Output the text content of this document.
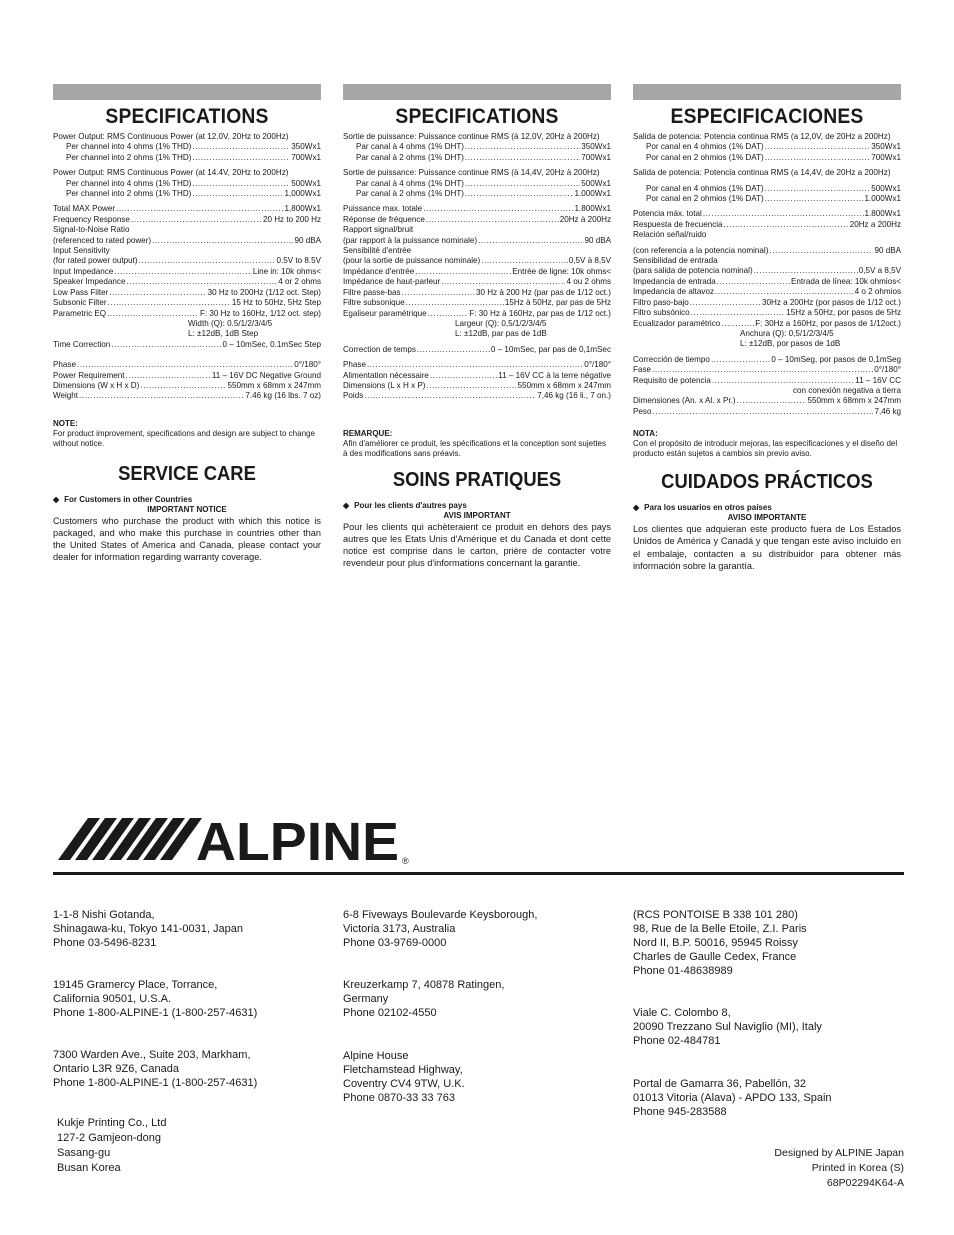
SPECIFICATIONS
Power Output: RMS Continuous Power (at 12.0V, 20Hz to 200Hz)
Per channel into 4 ohms (1% THD) .....	350Wx1
Per channel into 2 ohms (1% THD) .....	700Wx1
Power Output: RMS Continuous Power (at 14.4V, 20Hz to 200Hz)
Per channel into 4 ohms (1% THD) .....	500Wx1
Per channel into 2 ohms (1% THD) .....	1,000Wx1
Total MAX Power .....	1,800Wx1
Frequency Response .....	20 Hz to 200 Hz
Signal-to-Noise Ratio
(referenced to rated power) .....	90 dBA
Input Sensitivity
(for rated power output) .....	0.5V to 8.5V
Input Impedance .....	Line in: 10k ohms<
Speaker Impedance .....	4 or 2 ohms
Low Pass Filter .....	30 Hz to 200Hz (1/12 oct. Step)
Subsonic Filter .....	15 Hz to 50Hz, 5Hz Step
Parametric EQ .....	F: 30 Hz to 160Hz, 1/12 oct. step)
Width (Q): 0.5/1/2/3/4/5
L: ±12dB, 1dB Step
Time Correction .....	0 – 10mSec, 0.1mSec Step
Phase .....	0°/180°
Power Requirement .....	11 – 16V DC Negative Ground
Dimensions (W x H x D) .....	550mm x 68mm x 247mm
Weight .....	7.46 kg (16 lbs. 7 oz)
NOTE:
For product improvement, specifications and design are subject to change without notice.
SERVICE CARE
◆ For Customers in other Countries
IMPORTANT NOTICE
Customers who purchase the product with which this notice is packaged, and who make this purchase in countries other than the United States of America and Canada, please contact your dealer for information regarding warranty coverage.
SPECIFICATIONS
Sortie de puissance: Puissance continue RMS (à 12,0V, 20Hz à 200Hz)
Par canal à 4 ohms (1% DHT) .....	350Wx1
Par canal à 2 ohms (1% DHT) .....	700Wx1
Sortie de puissance: Puissance continue RMS (à 14,4V, 20Hz à 200Hz)
Par canal à 4 ohms (1% DHT) .....	500Wx1
Par canal à 2 ohms (1% DHT) .....	1.000Wx1
Puissance max. totale .....	1.800Wx1
Réponse de fréquence .....	20Hz à 200Hz
Rapport signal/bruit
(par rapport à la puissance nominale) .....	90 dBA
Sensibilité d'entrée
(pour la sortie de puissance nominale) .....	0,5V à 8,5V
Impédance d'entrée .....	Entrée de ligne: 10k ohms<
Impédance de haut-parleur .....	4 ou 2 ohms
Filtre passe-bas .....	30 Hz à 200 Hz (par pas de 1/12 oct.)
Filtre subsonique .....	15Hz à 50Hz, par pas de 5Hz
Egaliseur paramétrique .....	F: 30 Hz à 160Hz, par pas de 1/12 oct.)
Largeur (Q): 0,5/1/2/3/4/5
L: ±12dB, par pas de 1dB
Correction de temps .....	0 – 10mSec, par pas de 0,1mSec
Phase .....	0°/180°
Alimentation nécessaire .....	11 – 16V CC à la terre négative
Dimensions (L x H x P) .....	550mm x 68mm x 247mm
Poids .....	7,46 kg (16 li., 7 on.)
REMARQUE:
Afin d'améliorer ce produit, les spécifications et la conception sont sujettes à des modifications sans préavis.
SOINS PRATIQUES
◆ Pour les clients d'autres pays
AVIS IMPORTANT
Pour les clients qui achèteraient ce produit en dehors des pays autres que les Etats Unis d'Amérique et du Canada et dont cette notice est comprise dans le carton, prière de contacter votre revendeur pour plus d'informations concernant la garantie.
ESPECIFICACIONES
Salida de potencia: Potencia continua RMS (a 12,0V, de 20Hz a 200Hz)
Por canal en 4 ohmios (1% DAT) .....	350Wx1
Por canal en 2 ohmios (1% DAT) .....	700Wx1
Salida de potencia: Potencia continua RMS (a 14,4V, de 20Hz a 200Hz)
Por canal en 4 ohmios (1% DAT) .....	500Wx1
Por canal en 2 ohmios (1% DAT) .....	1.000Wx1
Potencia máx. total .....	1.800Wx1
Respuesta de frecuencia .....	20Hz a 200Hz
Relación señal/ruido
(con referencia a la potencia nominal) .....	90 dBA
Sensibilidad de entrada
(para salida de potencia nominal) .....	0,5V a 8,5V
Impedancia de entrada .....	Entrada de línea: 10k ohmios<
Impedancia de altavoz .....	4 o 2 ohmios
Filtro paso-bajo .....	30Hz a 200Hz (por pasos de 1/12 oct.)
Filtro subsónico .....	15Hz a 50Hz, por pasos de 5Hz
Ecualizador paramétrico .....	F: 30Hz a 160Hz, por pasos de 1/12oct.)
Anchura (Q): 0,5/1/2/3/4/5
L: ±12dB, por pasos de 1dB
Corrección de tiempo .....	0 – 10mSeg, por pasos de 0,1mSeg
Fase .....	0°/180°
Requisito de potencia .....	11 – 16V CC
con conexión negativa a tierra
Dimensiones (An. x Al. x Pr.) .....	550mm x 68mm x 247mm
Peso .....	7,46 kg
NOTA:
Con el propósito de introducir mejoras, las especificaciones y el diseño del producto están sujetos a cambios sin previo aviso.
CUIDADOS PRÁCTICOS
◆ Para los usuarios en otros países
AVISO IMPORTANTE
Los clientes que adquieran este producto fuera de Los Estados Unidos de América y Canadá y que tengan este aviso incluido en el embalaje, contacten a su distribuidor para obtener más información sobre la garantía.
ALPINE ®
1-1-8 Nishi Gotanda,
Shinagawa-ku, Tokyo 141-0031, Japan
Phone 03-5496-8231
19145 Gramercy Place, Torrance,
California 90501, U.S.A.
Phone 1-800-ALPINE-1 (1-800-257-4631)
7300 Warden Ave., Suite 203, Markham,
Ontario L3R 9Z6, Canada
Phone 1-800-ALPINE-1 (1-800-257-4631)
6-8 Fiveways Boulevarde Keysborough,
Victoria 3173, Australia
Phone 03-9769-0000
Kreuzerkamp 7, 40878 Ratingen,
Germany
Phone 02102-4550
Alpine House
Fletchamstead Highway,
Coventry CV4 9TW, U.K.
Phone 0870-33 33 763
(RCS PONTOISE B 338 101 280)
98, Rue de la Belle Etoile, Z.I. Paris
Nord II, B.P. 50016, 95945 Roissy
Charles de Gaulle Cedex, France
Phone 01-48638989
Viale C. Colombo 8,
20090 Trezzano Sul Naviglio (MI), Italy
Phone 02-484781
Portal de Gamarra 36, Pabellón, 32
01013 Vitoria (Alava) - APDO 133, Spain
Phone 945-283588
Kukje Printing Co., Ltd
127-2 Gamjeon-dong
Sasang-gu
Busan Korea
Designed by ALPINE Japan
Printed in Korea (S)
68P02294K64-A
